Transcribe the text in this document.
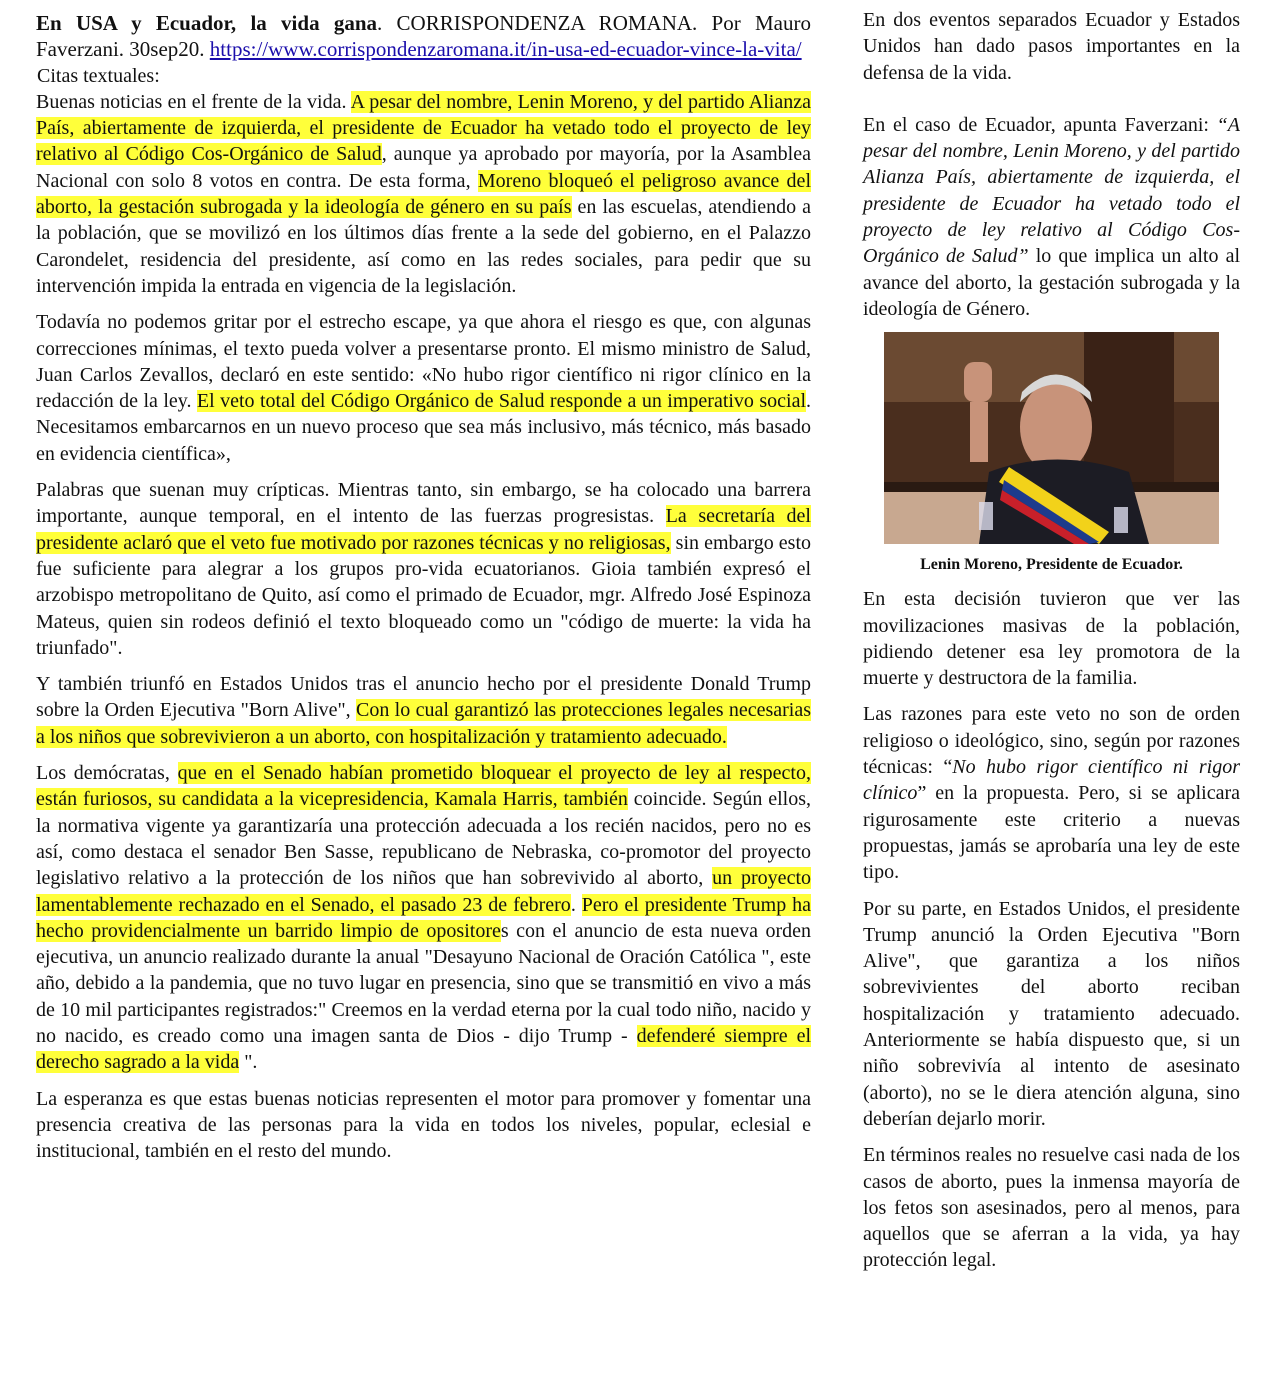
En USA y Ecuador, la vida gana. CORRISPONDENZA ROMANA. Por Mauro Faverzani. 30sep20. https://www.corrispondenzaromana.it/in-usa-ed-ecuador-vince-la-vita/

Citas textuales:

Buenas noticias en el frente de la vida. A pesar del nombre, Lenin Moreno, y del partido Alianza País, abiertamente de izquierda, el presidente de Ecuador ha vetado todo el proyecto de ley relativo al Código Cos-Orgánico de Salud, aunque ya aprobado por mayoría, por la Asamblea Nacional con solo 8 votos en contra. De esta forma, Moreno bloqueó el peligroso avance del aborto, la gestación subrogada y la ideología de género en su país en las escuelas, atendiendo a la población, que se movilizó en los últimos días frente a la sede del gobierno, en el Palazzo Carondelet, residencia del presidente, así como en las redes sociales, para pedir que su intervención impida la entrada en vigencia de la legislación.

Todavía no podemos gritar por el estrecho escape, ya que ahora el riesgo es que, con algunas correcciones mínimas, el texto pueda volver a presentarse pronto. El mismo ministro de Salud, Juan Carlos Zevallos, declaró en este sentido: «No hubo rigor científico ni rigor clínico en la redacción de la ley. El veto total del Código Orgánico de Salud responde a un imperativo social. Necesitamos embarcarnos en un nuevo proceso que sea más inclusivo, más técnico, más basado en evidencia científica»,

Palabras que suenan muy crípticas. Mientras tanto, sin embargo, se ha colocado una barrera importante, aunque temporal, en el intento de las fuerzas progresistas. La secretaría del presidente aclaró que el veto fue motivado por razones técnicas y no religiosas, sin embargo esto fue suficiente para alegrar a los grupos pro-vida ecuatorianos. Gioia también expresó el arzobispo metropolitano de Quito, así como el primado de Ecuador, mgr. Alfredo José Espinoza Mateus, quien sin rodeos definió el texto bloqueado como un "código de muerte: la vida ha triunfado".

Y también triunfó en Estados Unidos tras el anuncio hecho por el presidente Donald Trump sobre la Orden Ejecutiva "Born Alive", Con lo cual garantizó las protecciones legales necesarias a los niños que sobrevivieron a un aborto, con hospitalización y tratamiento adecuado.

Los demócratas, que en el Senado habían prometido bloquear el proyecto de ley al respecto, están furiosos, su candidata a la vicepresidencia, Kamala Harris, también coincide. Según ellos, la normativa vigente ya garantizaría una protección adecuada a los recién nacidos, pero no es así, como destaca el senador Ben Sasse, republicano de Nebraska, co-promotor del proyecto legislativo relativo a la protección de los niños que han sobrevivido al aborto, un proyecto lamentablemente rechazado en el Senado, el pasado 23 de febrero. Pero el presidente Trump ha hecho providencialmente un barrido limpio de opositores con el anuncio de esta nueva orden ejecutiva, un anuncio realizado durante la anual "Desayuno Nacional de Oración Católica ", este año, debido a la pandemia, que no tuvo lugar en presencia, sino que se transmitió en vivo a más de 10 mil participantes registrados:" Creemos en la verdad eterna por la cual todo niño, nacido y no nacido, es creado como una imagen santa de Dios - dijo Trump - defenderé siempre el derecho sagrado a la vida ".

La esperanza es que estas buenas noticias representen el motor para promover y fomentar una presencia creativa de las personas para la vida en todos los niveles, popular, eclesial e institucional, también en el resto del mundo.

En dos eventos separados Ecuador y Estados Unidos han dado pasos importantes en la defensa de la vida.

En el caso de Ecuador, apunta Faverzani: “A pesar del nombre, Lenin Moreno, y del partido Alianza País, abiertamente de izquierda, el presidente de Ecuador ha vetado todo el proyecto de ley relativo al Código Cos-Orgánico de Salud” lo que implica un alto al avance del aborto, la gestación subrogada y la ideología de Género.

Lenin Moreno, Presidente de Ecuador.

En esta decisión tuvieron que ver las movilizaciones masivas de la población, pidiendo detener esa ley promotora de la muerte y destructora de la familia.

Las razones para este veto no son de orden religioso o ideológico, sino, según por razones técnicas: “No hubo rigor científico ni rigor clínico” en la propuesta. Pero, si se aplicara rigurosamente este criterio a nuevas propuestas, jamás se aprobaría una ley de este tipo.

Por su parte, en Estados Unidos, el presidente Trump anunció la Orden Ejecutiva "Born Alive", que garantiza a los niños sobrevivientes del aborto reciban hospitalización y tratamiento adecuado. Anteriormente se había dispuesto que, si un niño sobrevivía al intento de asesinato (aborto), no se le diera atención alguna, sino deberían dejarlo morir.

En términos reales no resuelve casi nada de los casos de aborto, pues la inmensa mayoría de los fetos son asesinados, pero al menos, para aquellos que se aferran a la vida, ya hay protección legal.
